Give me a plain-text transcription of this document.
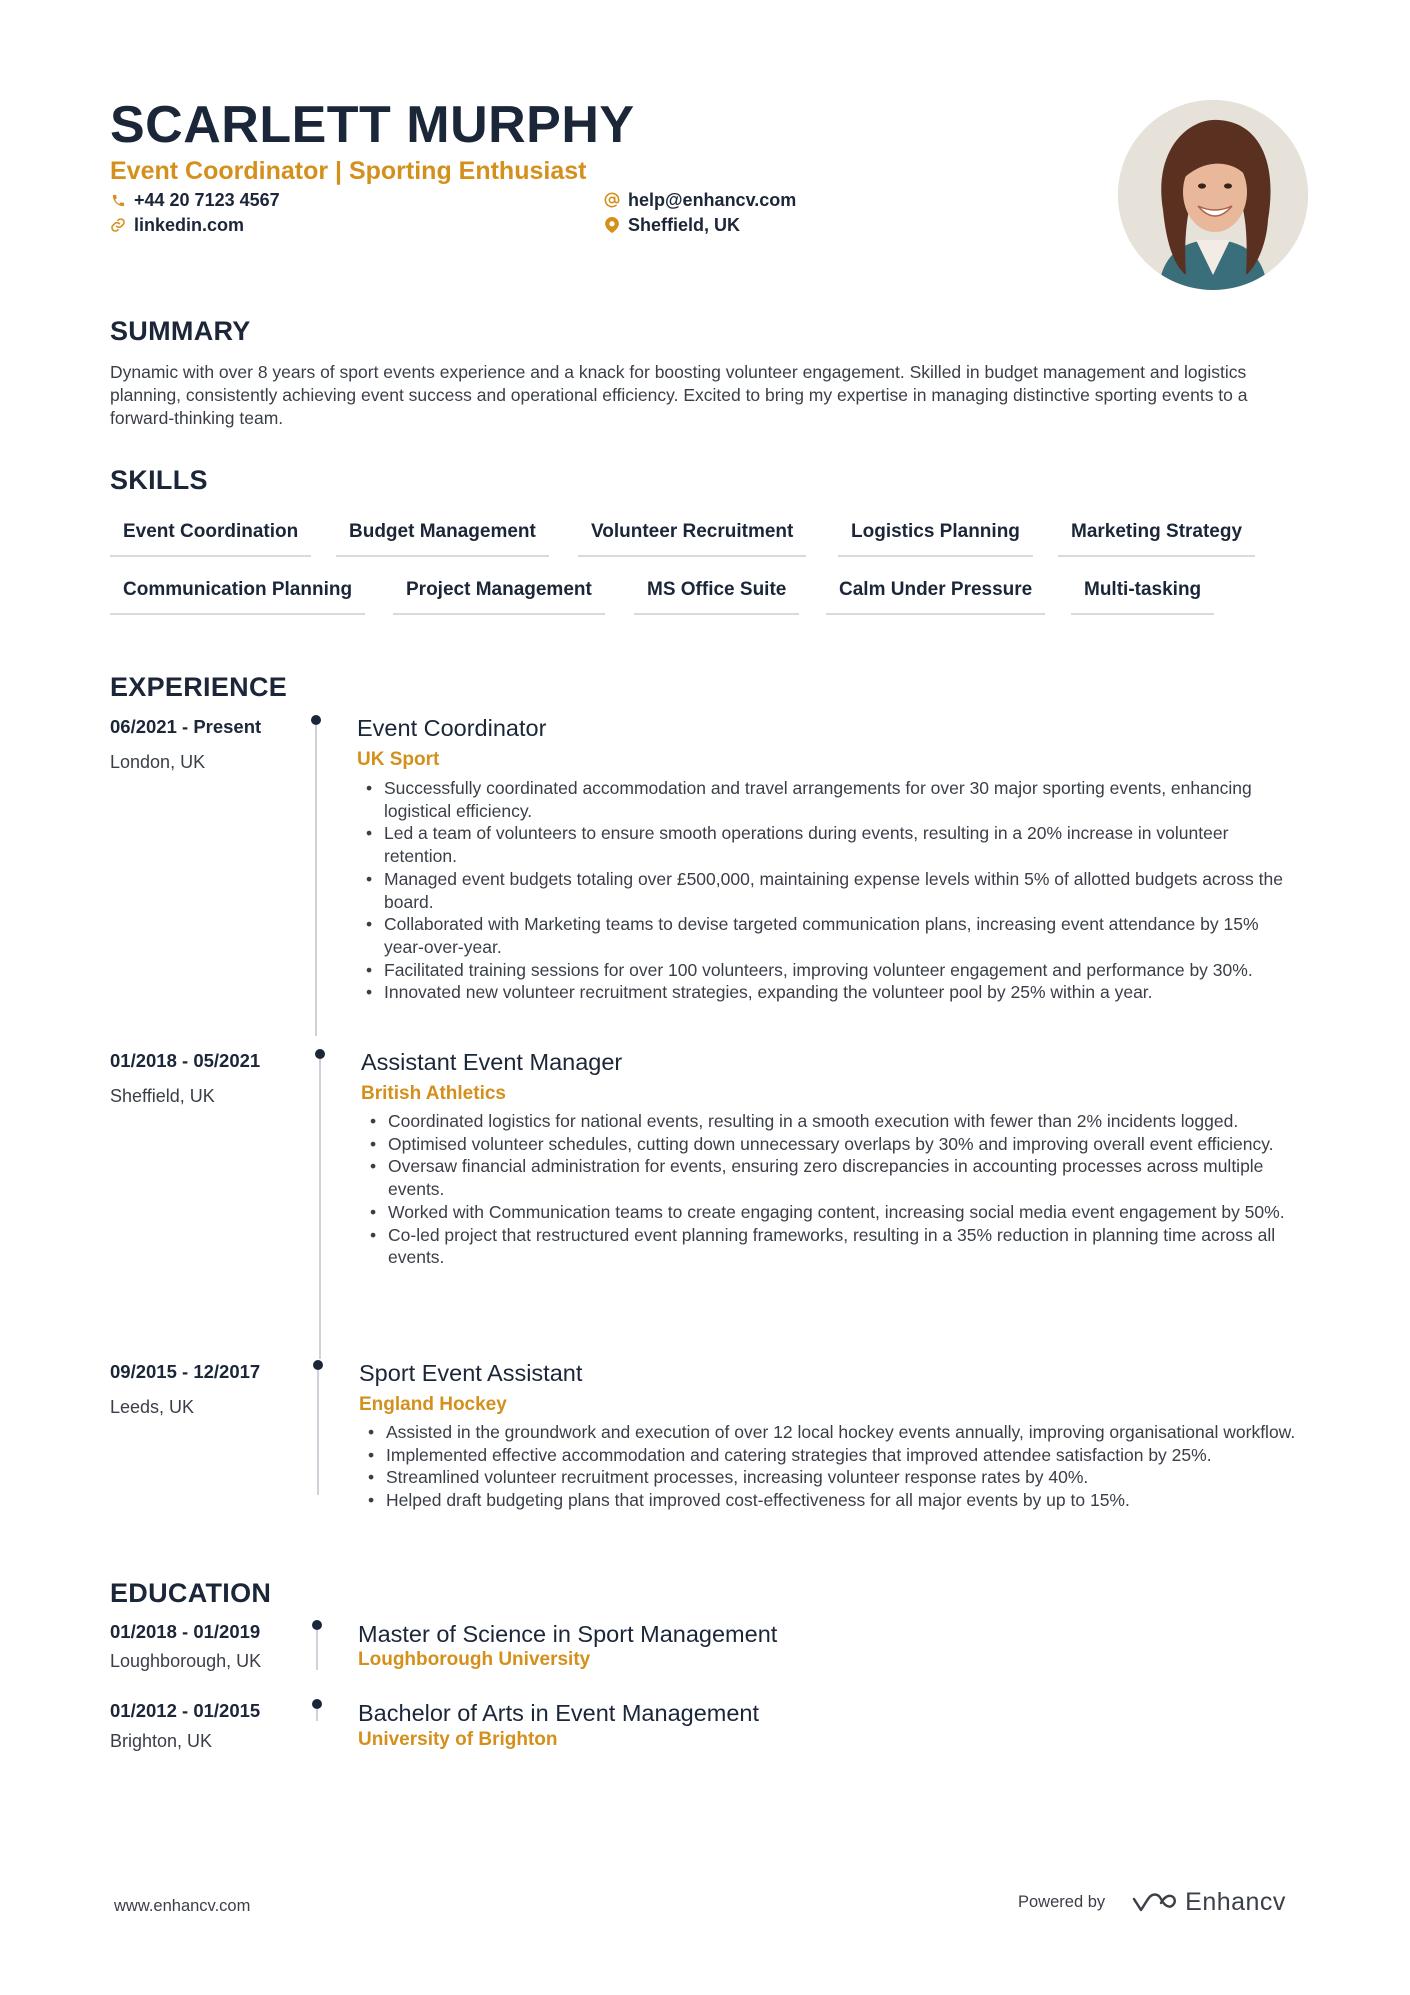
SCARLETT MURPHY
Event Coordinator | Sporting Enthusiast
+44 20 7123 4567
linkedin.com
help@enhancv.com
Sheffield, UK
SUMMARY
Dynamic with over 8 years of sport events experience and a knack for boosting volunteer engagement. Skilled in budget management and logistics planning, consistently achieving event success and operational efficiency. Excited to bring my expertise in managing distinctive sporting events to a forward-thinking team.
SKILLS
Event Coordination	Budget Management	Volunteer Recruitment	Logistics Planning	Marketing Strategy
Communication Planning	Project Management	MS Office Suite	Calm Under Pressure	Multi-tasking
EXPERIENCE
06/2021 - Present
London, UK
Event Coordinator
UK Sport
• Successfully coordinated accommodation and travel arrangements for over 30 major sporting events, enhancing logistical efficiency.
• Led a team of volunteers to ensure smooth operations during events, resulting in a 20% increase in volunteer retention.
• Managed event budgets totaling over £500,000, maintaining expense levels within 5% of allotted budgets across the board.
• Collaborated with Marketing teams to devise targeted communication plans, increasing event attendance by 15% year-over-year.
• Facilitated training sessions for over 100 volunteers, improving volunteer engagement and performance by 30%.
• Innovated new volunteer recruitment strategies, expanding the volunteer pool by 25% within a year.
01/2018 - 05/2021
Sheffield, UK
Assistant Event Manager
British Athletics
• Coordinated logistics for national events, resulting in a smooth execution with fewer than 2% incidents logged.
• Optimised volunteer schedules, cutting down unnecessary overlaps by 30% and improving overall event efficiency.
• Oversaw financial administration for events, ensuring zero discrepancies in accounting processes across multiple events.
• Worked with Communication teams to create engaging content, increasing social media event engagement by 50%.
• Co-led project that restructured event planning frameworks, resulting in a 35% reduction in planning time across all events.
09/2015 - 12/2017
Leeds, UK
Sport Event Assistant
England Hockey
• Assisted in the groundwork and execution of over 12 local hockey events annually, improving organisational workflow.
• Implemented effective accommodation and catering strategies that improved attendee satisfaction by 25%.
• Streamlined volunteer recruitment processes, increasing volunteer response rates by 40%.
• Helped draft budgeting plans that improved cost-effectiveness for all major events by up to 15%.
EDUCATION
01/2018 - 01/2019
Loughborough, UK
Master of Science in Sport Management
Loughborough University
01/2012 - 01/2015
Brighton, UK
Bachelor of Arts in Event Management
University of Brighton
www.enhancv.com	Powered by	Enhancv
